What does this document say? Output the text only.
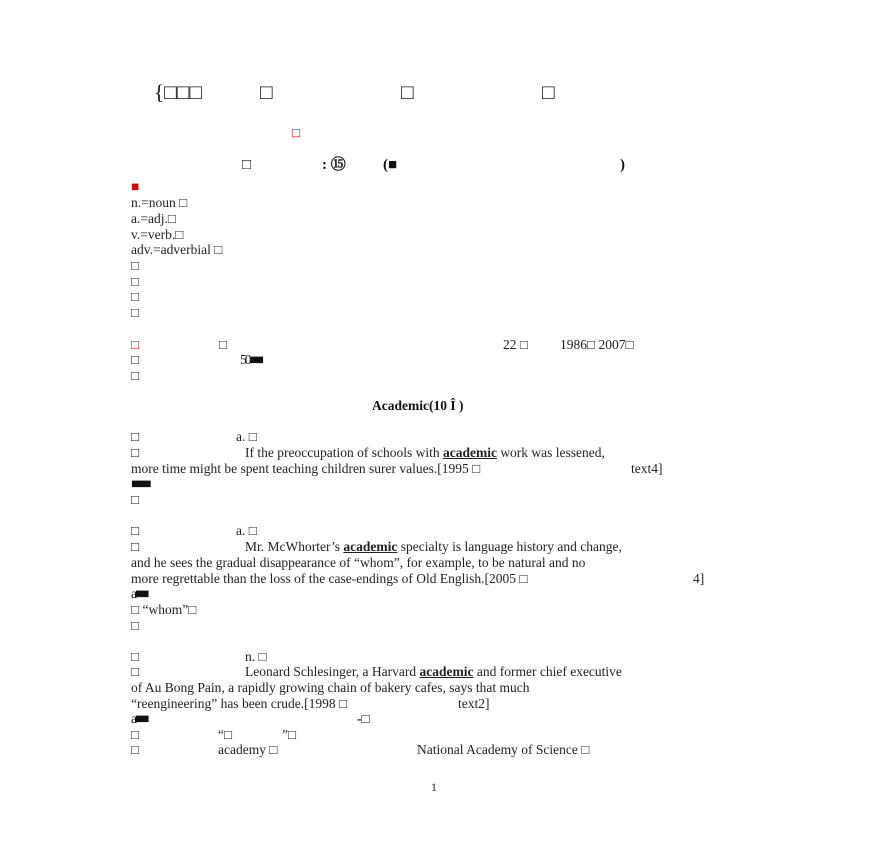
{□□□	□	□	□
□
□	: ⑮ (■	)
■
n.=noun □
a.=adj.□
v.=verb.□
adv.=adverbial □
□
□
□
□
□	□	22 □ 1986□ 2007□
□	50■■
□
Academic(10 Î )
□	a. □
□	If the preoccupation of schools with academic work was lessened,
more time might be spent teaching children surer values.[1995 □	text4]
■■■
□
□	a. □
□	Mr. McWhorter’s academic specialty is language history and change,
and he sees the gradual disappearance of “whom”, for example, to be natural and no
more regrettable than the loss of the case-endings of Old English.[2005 □	4]
a■■
□ “whom”□
□
□	n. □
□	Leonard Schlesinger, a Harvard academic and former chief executive
of Au Bong Pain, a rapidly growing chain of bakery cafes, says that much
“reengineering” has been crude.[1998 □	text2]
a■■	-□
□	“□	”□
□	academy □	National Academy of Science □
1
